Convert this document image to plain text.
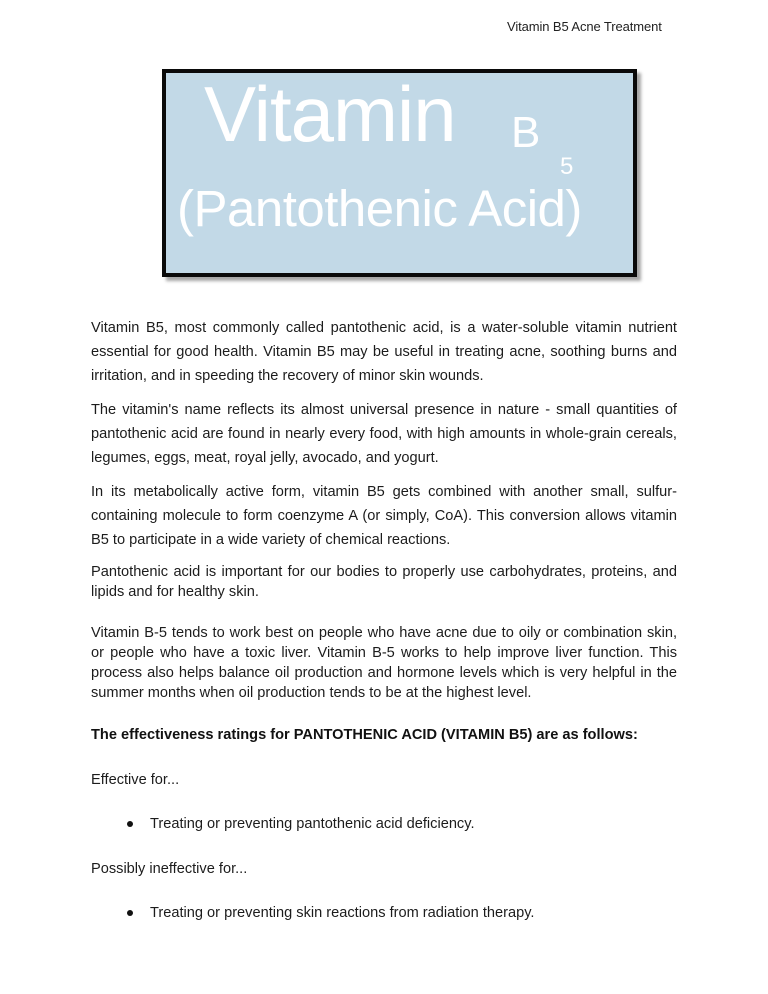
Vitamin B5 Acne Treatment
Vitamin B
5
(Pantothenic Acid)

Vitamin B5, most commonly called pantothenic acid, is a water-soluble vitamin nutrient essential for good health. Vitamin B5 may be useful in treating acne, soothing burns and irritation, and in speeding the recovery of minor skin wounds.

The vitamin's name reflects its almost universal presence in nature - small quantities of pantothenic acid are found in nearly every food, with high amounts in whole-grain cereals, legumes, eggs, meat, royal jelly, avocado, and yogurt.

In its metabolically active form, vitamin B5 gets combined with another small, sulfur-containing molecule to form coenzyme A (or simply, CoA). This conversion allows vitamin B5 to participate in a wide variety of chemical reactions.

Pantothenic acid is important for our bodies to properly use carbohydrates, proteins, and lipids and for healthy skin.

Vitamin B-5 tends to work best on people who have acne due to oily or combination skin, or people who have a toxic liver. Vitamin B-5 works to help improve liver function. This process also helps balance oil production and hormone levels which is very helpful in the summer months when oil production tends to be at the highest level.

The effectiveness ratings for PANTOTHENIC ACID (VITAMIN B5) are as follows:

Effective for...

Treating or preventing pantothenic acid deficiency.

Possibly ineffective for...

Treating or preventing skin reactions from radiation therapy.
